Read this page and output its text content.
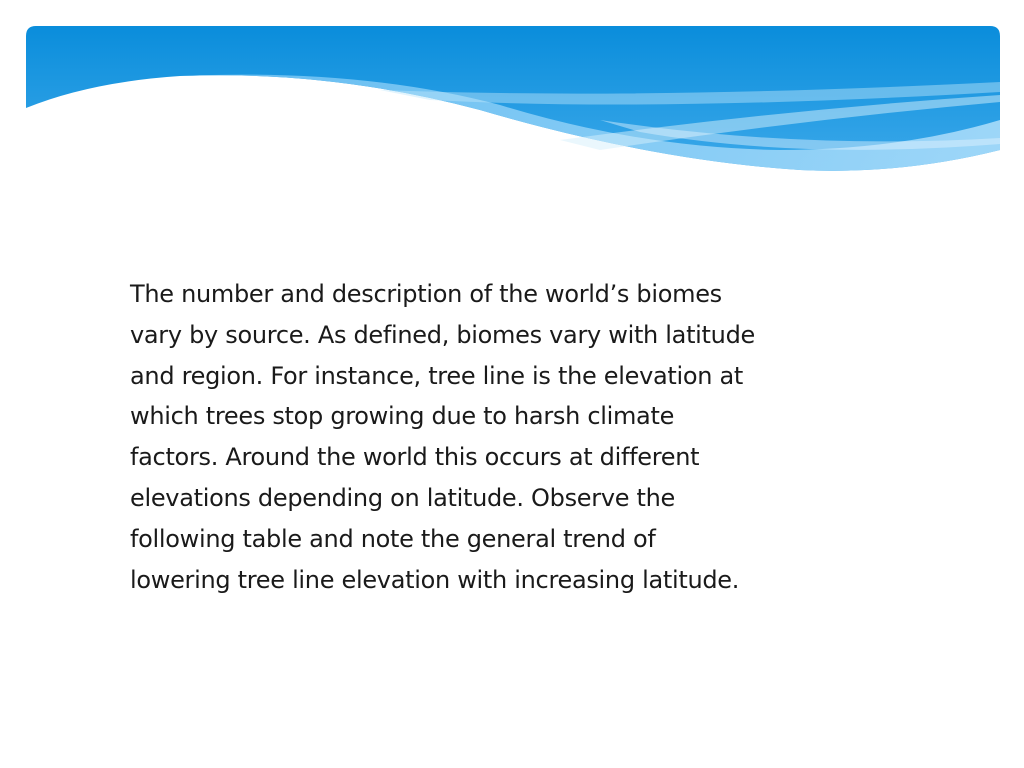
The number and description of the world’s biomes
vary by source. As defined, biomes vary with latitude
and region. For instance, tree line is the elevation at
which trees stop growing due to harsh climate
factors. Around the world this occurs at different
elevations depending on latitude. Observe the
following table and note the general trend of
lowering tree line elevation with increasing latitude.
